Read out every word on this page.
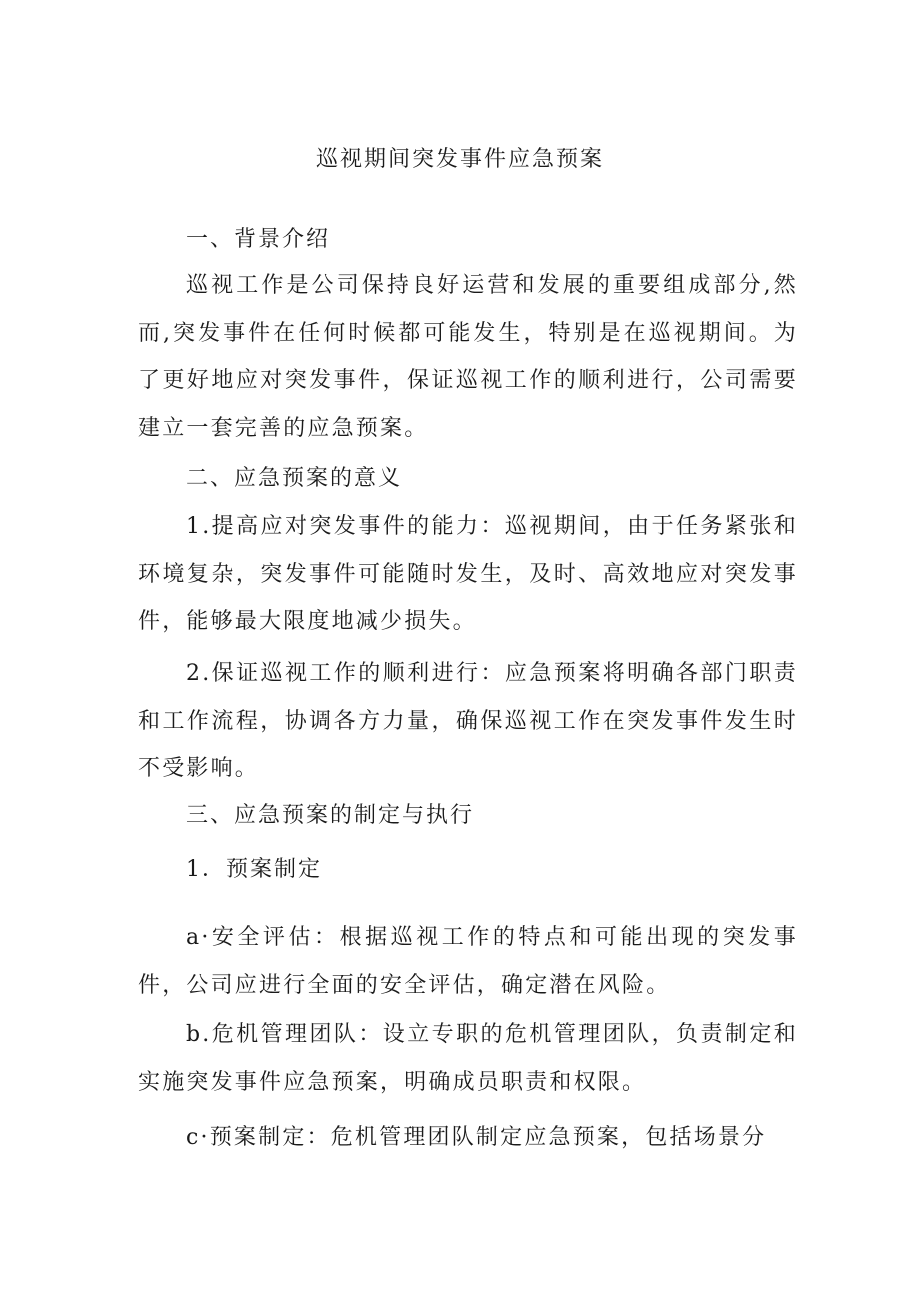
巡视期间突发事件应急预案
一、背景介绍
巡视工作是公司保持良好运营和发展的重要组成部分,然而,突发事件在任何时候都可能发生，特别是在巡视期间。为了更好地应对突发事件，保证巡视工作的顺利进行，公司需要建立一套完善的应急预案。
二、应急预案的意义
1.提高应对突发事件的能力：巡视期间，由于任务紧张和环境复杂，突发事件可能随时发生，及时、高效地应对突发事件，能够最大限度地减少损失。
2.保证巡视工作的顺利进行：应急预案将明确各部门职责和工作流程，协调各方力量，确保巡视工作在突发事件发生时不受影响。
三、应急预案的制定与执行
1．预案制定
a·安全评估：根据巡视工作的特点和可能出现的突发事件，公司应进行全面的安全评估，确定潜在风险。
b.危机管理团队：设立专职的危机管理团队，负责制定和实施突发事件应急预案，明确成员职责和权限。
c·预案制定：危机管理团队制定应急预案，包括场景分
